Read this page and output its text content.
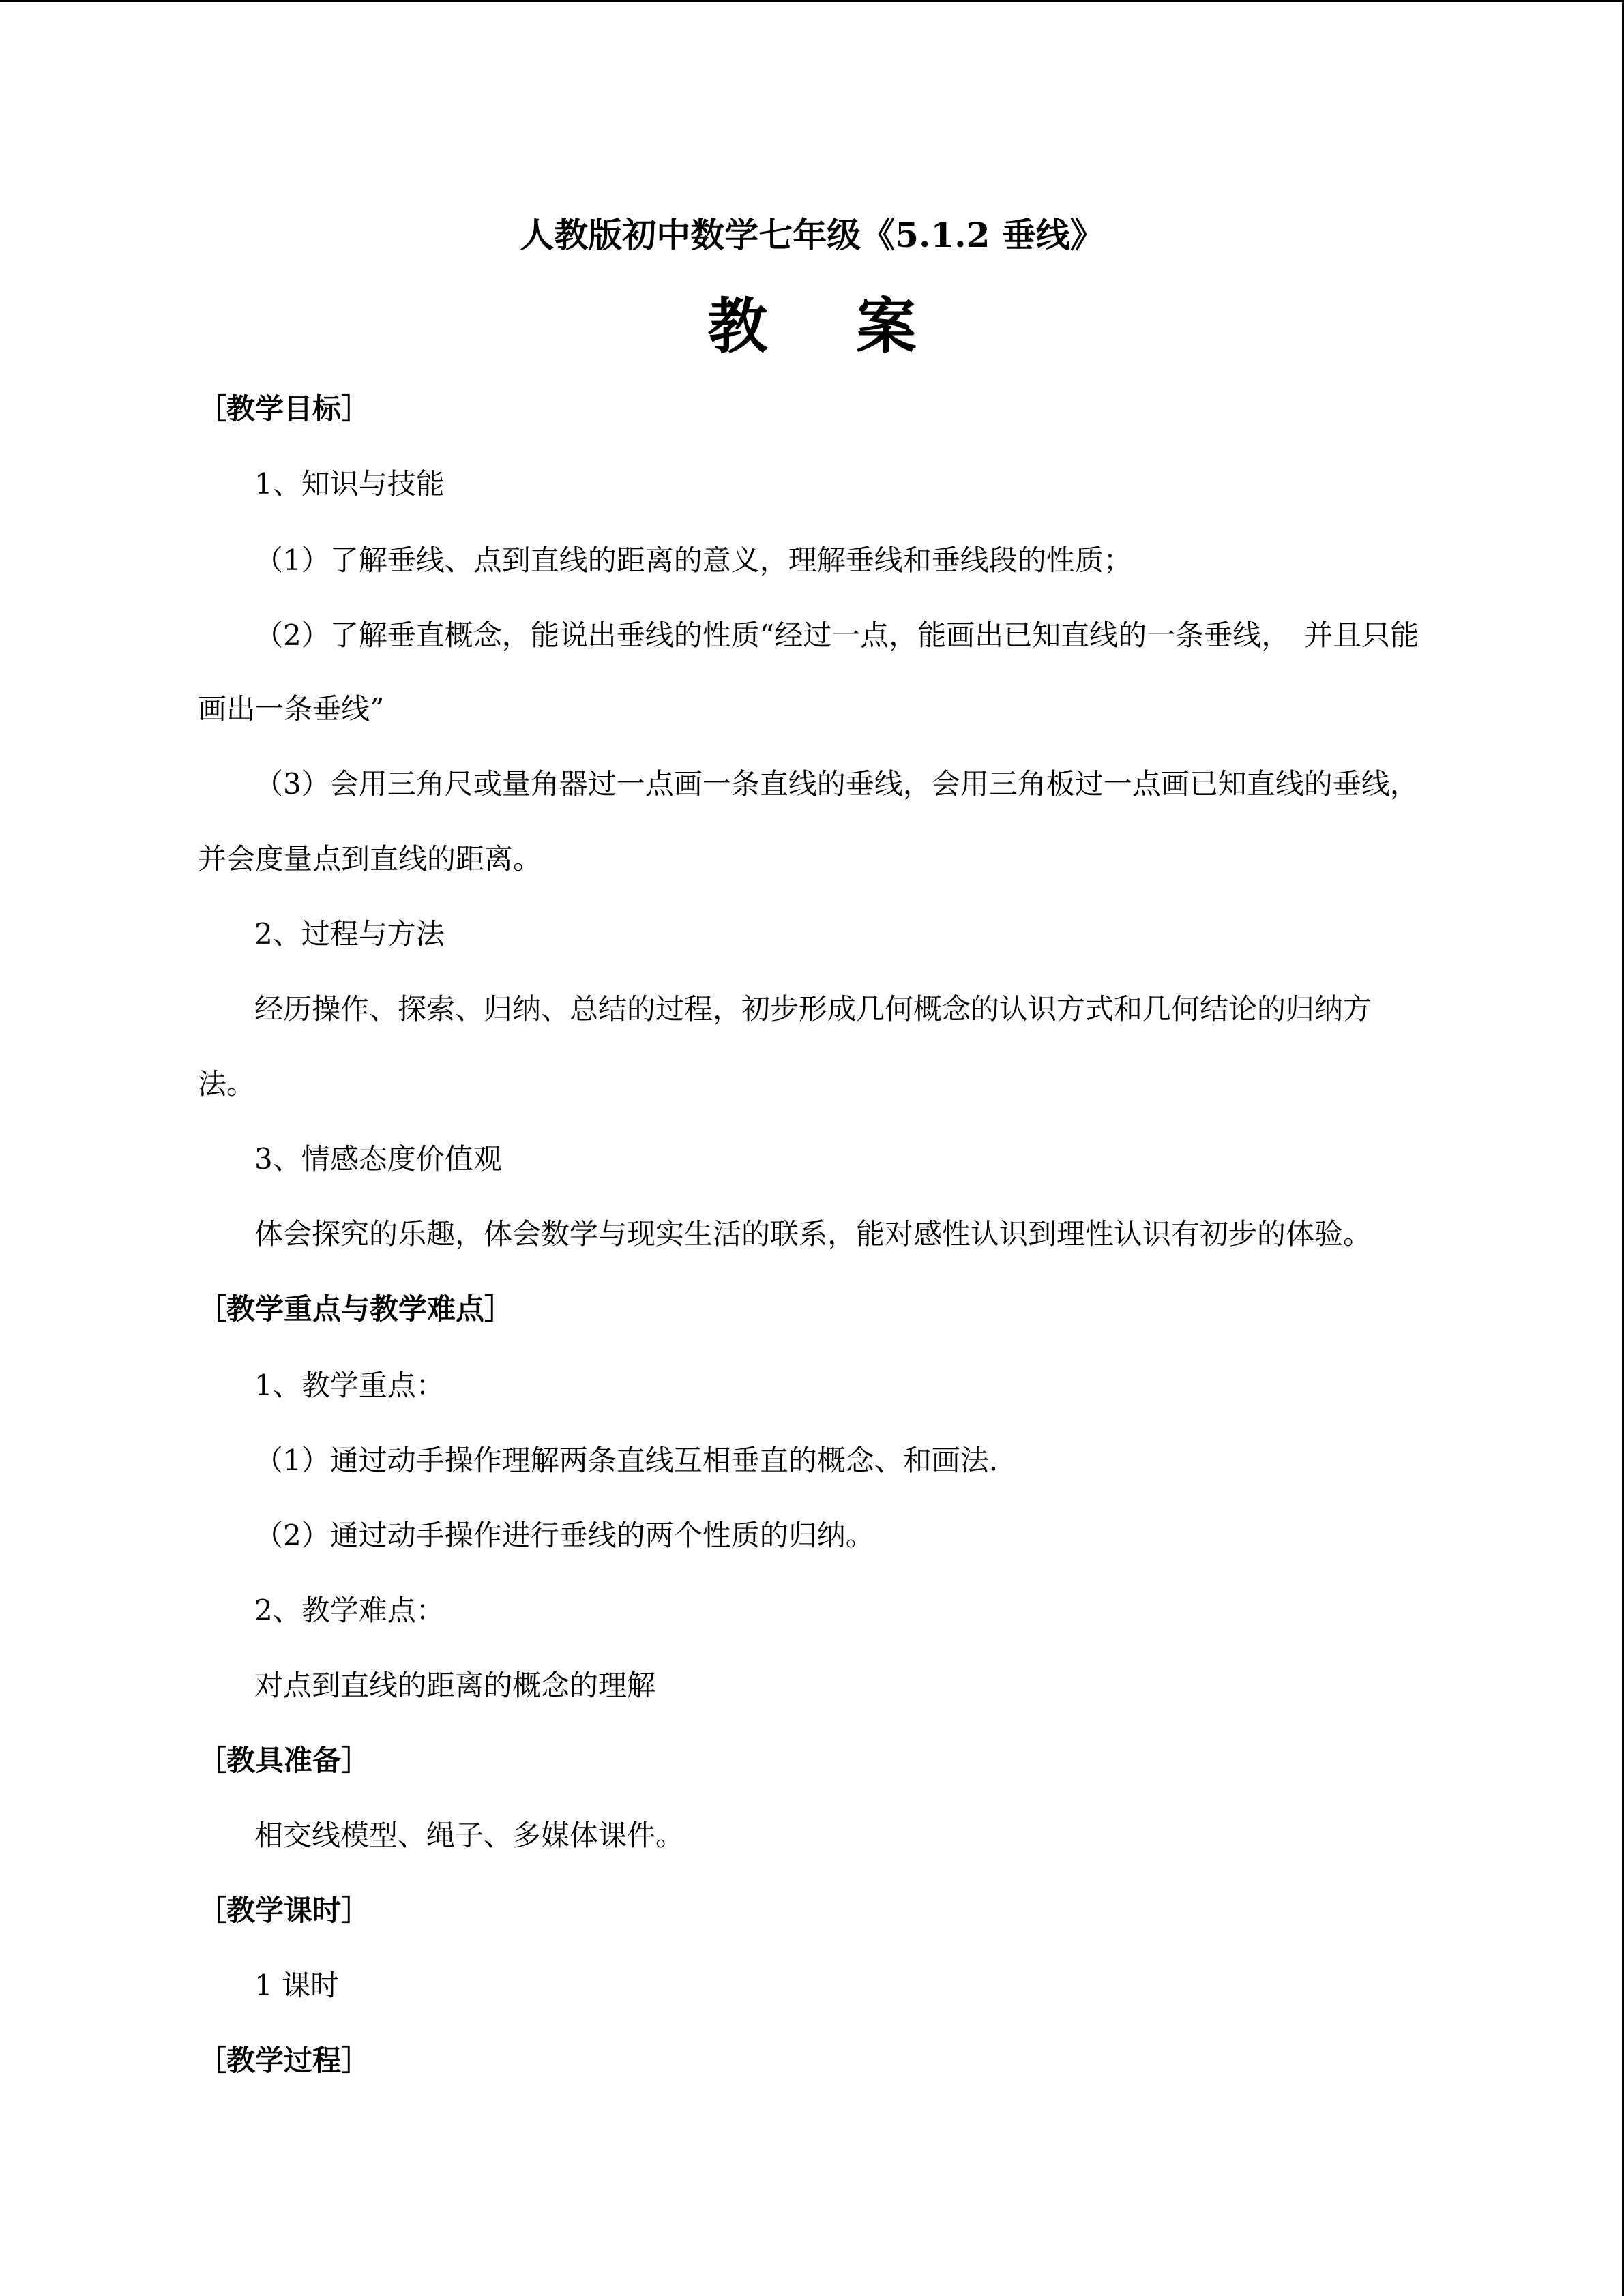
人教版初中数学七年级《5.1.2 垂线》
教案
［教学目标］
1、知识与技能
（1）了解垂线、点到直线的距离的意义，理解垂线和垂线段的性质；
（2）了解垂直概念，能说出垂线的性质“经过一点，能画出已知直线的一条垂线，　并且只能
画出一条垂线”
（3）会用三角尺或量角器过一点画一条直线的垂线，会用三角板过一点画已知直线的垂线，
并会度量点到直线的距离。
2、过程与方法
经历操作、探索、归纳、总结的过程，初步形成几何概念的认识方式和几何结论的归纳方
法。
3、情感态度价值观
体会探究的乐趣，体会数学与现实生活的联系，能对感性认识到理性认识有初步的体验。
［教学重点与教学难点］
1、教学重点：
（1）通过动手操作理解两条直线互相垂直的概念、和画法.
（2）通过动手操作进行垂线的两个性质的归纳。
2、教学难点：
对点到直线的距离的概念的理解
［教具准备］
相交线模型、绳子、多媒体课件。
［教学课时］
1 课时
［教学过程］
